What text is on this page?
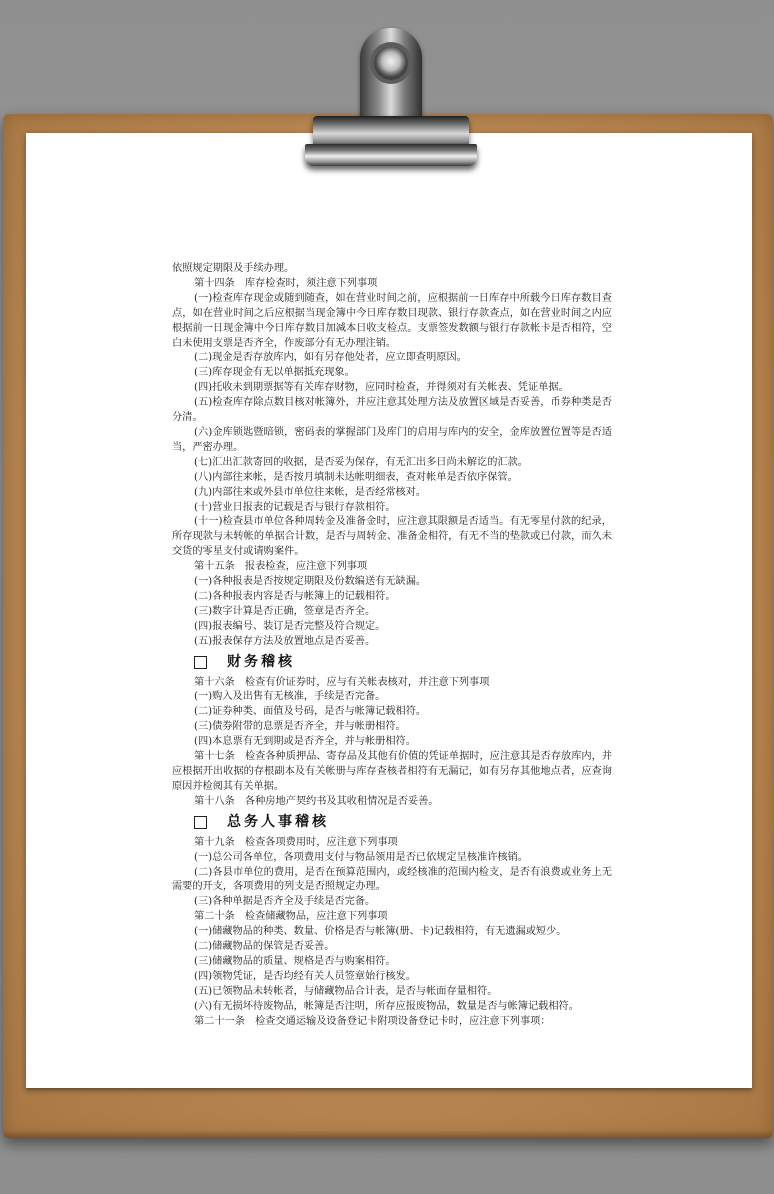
依照规定期限及手续办理。

第十四条　库存检查时，须注意下列事项

(一)检查库存现金或随到随查，如在营业时间之前，应根据前一日库存中所载今日库存数目查点，如在营业时间之后应根据当现金簿中今日库存数目现款、银行存款查点，如在营业时间之内应根据前一日现金簿中今日库存数目加减本日收支检点。支票签发数额与银行存款帐卡是否相符，空白未使用支票是否齐全，作废部分有无办理注销。

(二)现金是否存放库内，如有另存他处者，应立即查明原因。

(三)库存现金有无以单据抵充现象。

(四)托收未到期票据等有关库存财物，应同时检查，并得须对有关帐表、凭证单据。

(五)检查库存除点数目核对帐簿外，并应注意其处理方法及放置区域是否妥善，币券种类是否分清。

(六)金库锁匙暨暗锁，密码表的掌握部门及库门的启用与库内的安全，金库放置位置等是否适当，严密办理。

(七)汇出汇款寄回的收据，是否妥为保存，有无汇出多日尚未解讫的汇款。

(八)内部往来帐，是否按月填制未达帐明细表，查对帐单是否依序保管。

(九)内部往来或外县市单位往来帐，是否经常核对。

(十)营业日报表的记载是否与银行存款相符。

(十一)检查县市单位各种周转金及准备金时，应注意其限额是否适当。有无零星付款的纪录，所存现款与未转帐的单据合计数，是否与周转金、准备金相符，有无不当的垫款或已付款，而久未交货的零星支付或请购案件。

第十五条　报表检查，应注意下列事项

(一)各种报表是否按规定期限及份数编送有无缺漏。

(二)各种报表内容是否与帐簿上的记载相符。

(三)数字计算是否正确，签章是否齐全。

(四)报表编号、装订是否完整及符合规定。

(五)报表保存方法及放置地点是否妥善。

财务稽核

第十六条　检查有价证券时，应与有关帐表核对，并注意下列事项

(一)购入及出售有无核准，手续是否完备。

(二)证券种类、面值及号码，是否与帐簿记载相符。

(三)债券附带的息票是否齐全，并与帐册相符。

(四)本息票有无到期或是否齐全，并与帐册相符。

第十七条　检查各种质押品、寄存品及其他有价值的凭证单据时，应注意其是否存放库内，并应根据开出收据的存根副本及有关帐册与库存查核者相符有无漏记，如有另存其他地点者，应查询原因并检阅其有关单据。

第十八条　各种房地产契约书及其收租情况是否妥善。

总务人事稽核

第十九条　检查各项费用时，应注意下列事项

(一)总公司各单位，各项费用支付与物品领用是否已依规定呈核准许核销。

(二)各县市单位的费用，是否在预算范围内，或经核准的范围内检支，是否有浪费或业务上无需要的开支，各项费用的列支是否照规定办理。

(三)各种单据是否齐全及手续是否完备。

第二十条　检查储藏物品，应注意下列事项

(一)储藏物品的种类、数量、价格是否与帐簿(册、卡)记载相符，有无遗漏或短少。

(二)储藏物品的保管是否妥善。

(三)储藏物品的质量、规格是否与购案相符。

(四)领物凭证，是否均经有关人员签章始行核发。

(五)已领物品未转帐者，与储藏物品合计表，是否与帐面存量相符。

(六)有无损坏待废物品，帐簿是否注明，所存应报废物品，数量是否与帐簿记载相符。

第二十一条　检查交通运输及设备登记卡附项设备登记卡时，应注意下列事项：
